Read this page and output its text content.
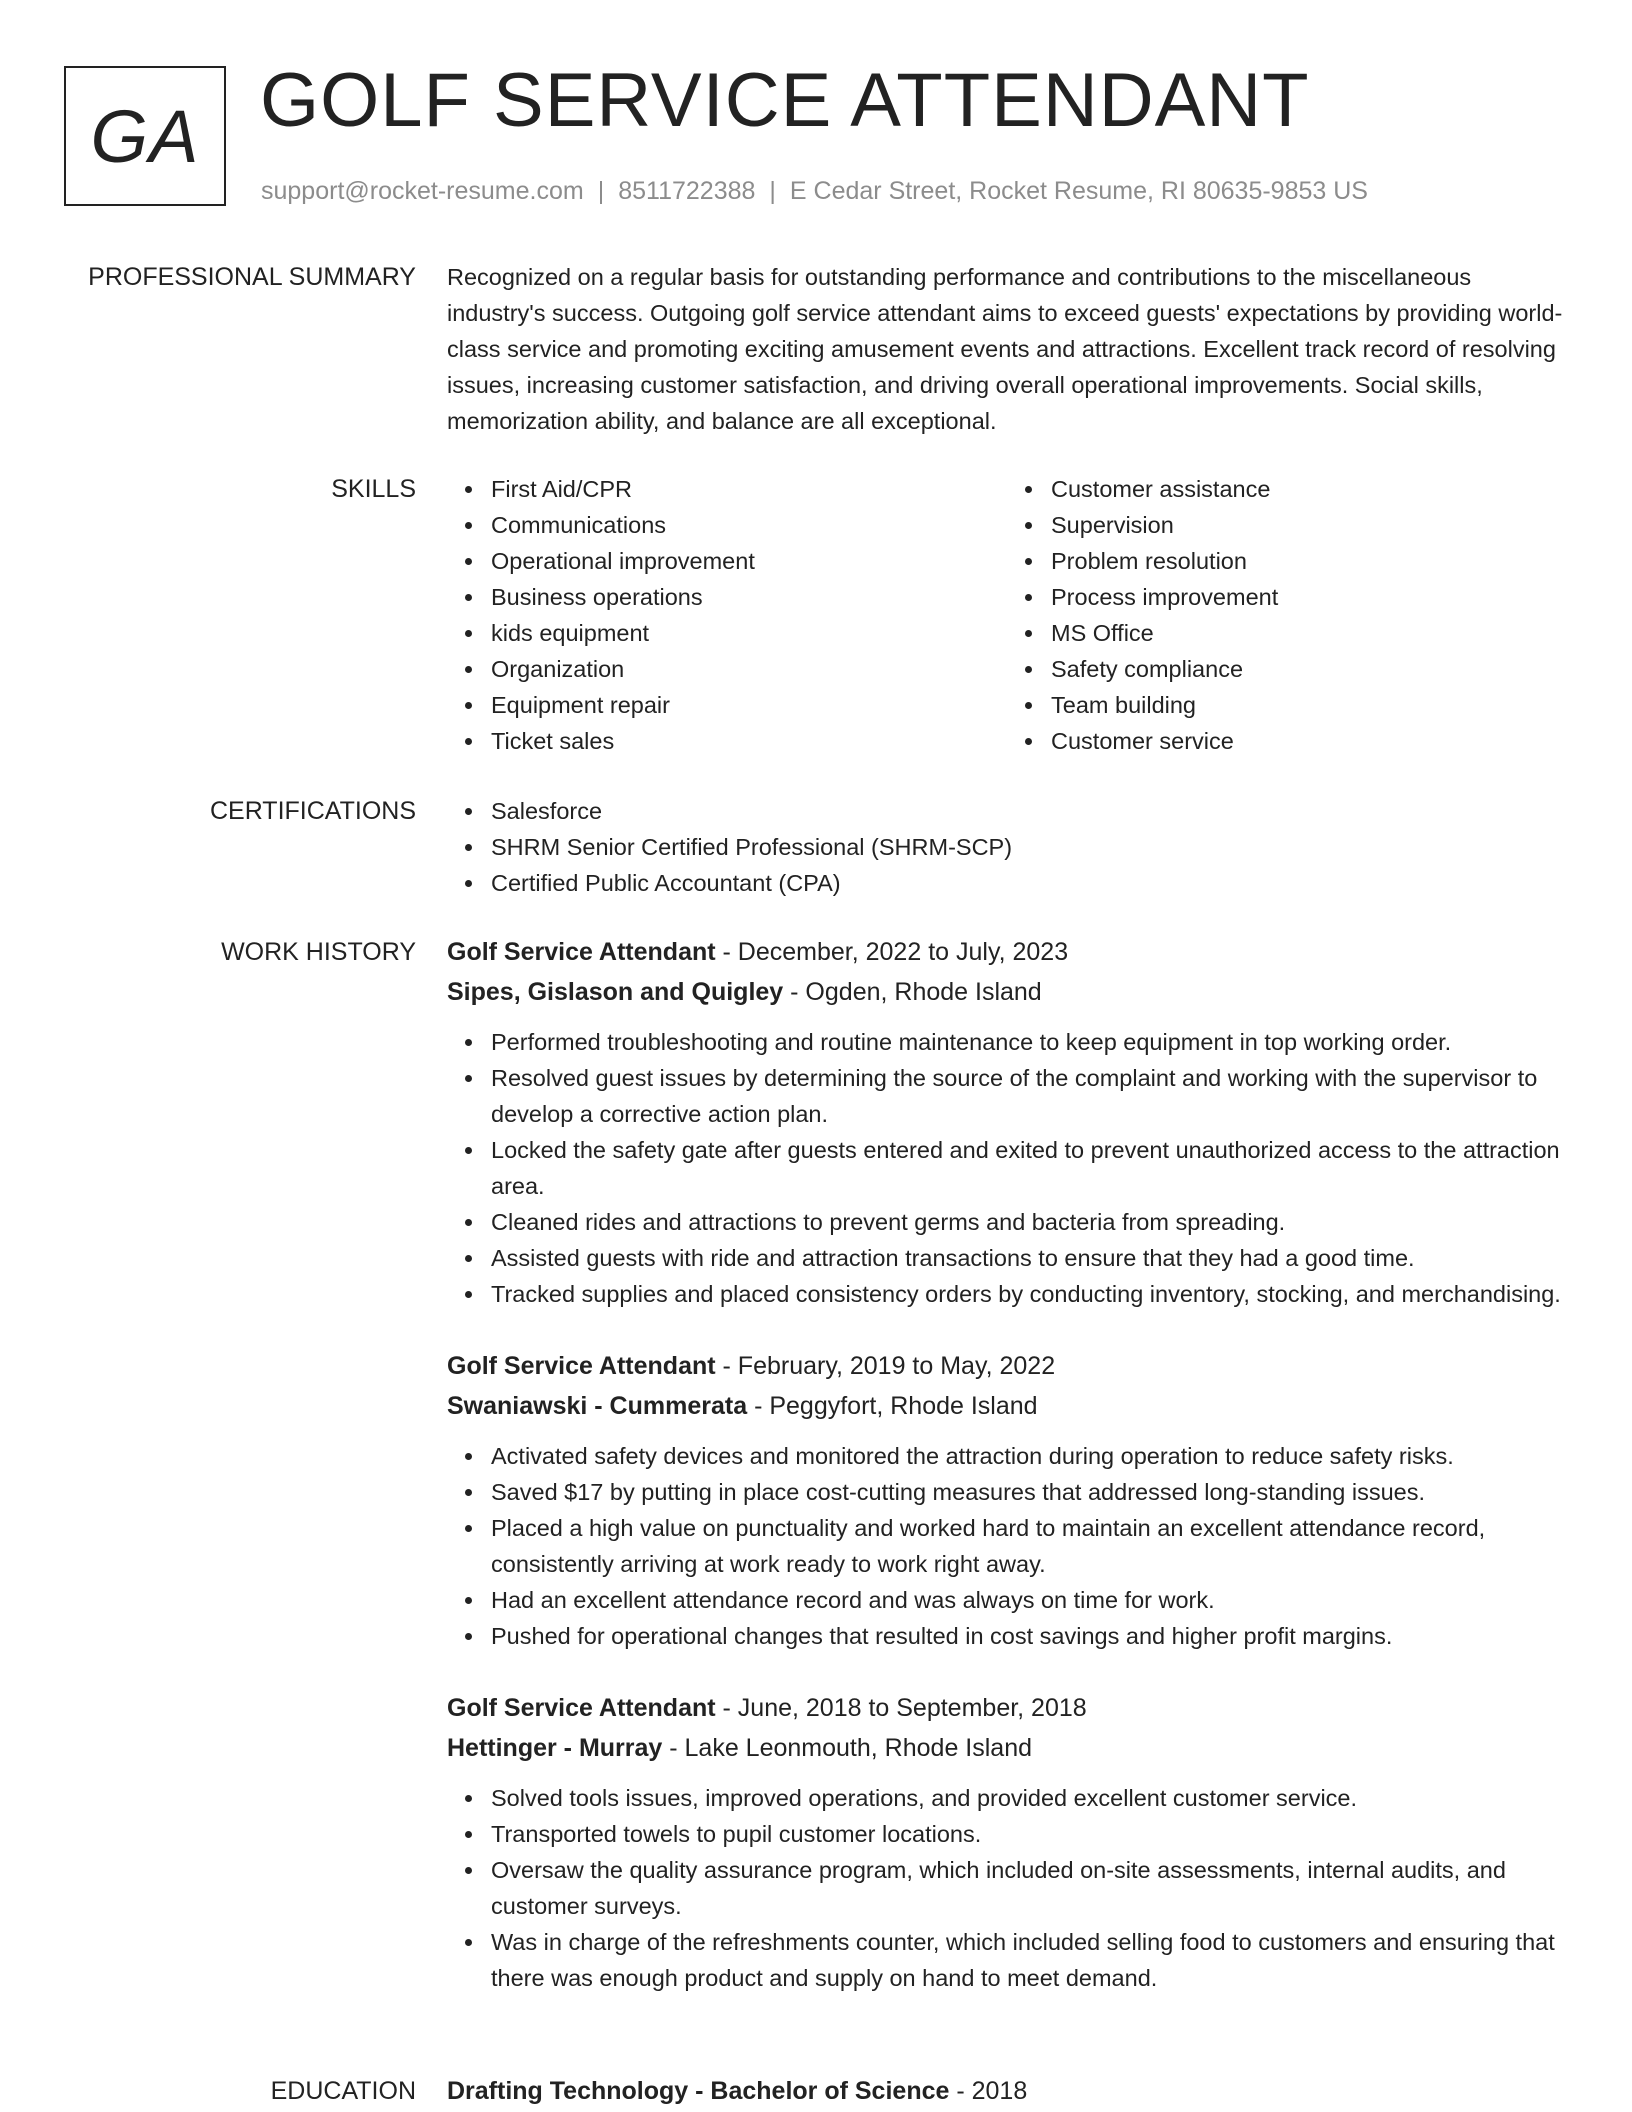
GA GOLF SERVICE ATTENDANT
support@rocket-resume.com | 8511722388 | E Cedar Street, Rocket Resume, RI 80635-9853 US
PROFESSIONAL SUMMARY Recognized on a regular basis for outstanding performance and contributions to the miscellaneous industry's success. Outgoing golf service attendant aims to exceed guests' expectations by providing world-class service and promoting exciting amusement events and attractions. Excellent track record of resolving issues, increasing customer satisfaction, and driving overall operational improvements. Social skills, memorization ability, and balance are all exceptional.
SKILLS	First Aid/CPR
Communications
Operational improvement
Business operations
kids equipment
Organization
Equipment repair
Ticket sales
Customer assistance
Supervision
Problem resolution
Process improvement
MS Office
Safety compliance
Team building
Customer service
CERTIFICATIONS	Salesforce
SHRM Senior Certified Professional (SHRM-SCP)
Certified Public Accountant (CPA)
WORK HISTORY Golf Service Attendant - December, 2022 to July, 2023
Sipes, Gislason and Quigley - Ogden, Rhode Island
Performed troubleshooting and routine maintenance to keep equipment in top working order.
Resolved guest issues by determining the source of the complaint and working with the supervisor to develop a corrective action plan.
Locked the safety gate after guests entered and exited to prevent unauthorized access to the attraction area.
Cleaned rides and attractions to prevent germs and bacteria from spreading.
Assisted guests with ride and attraction transactions to ensure that they had a good time.
Tracked supplies and placed consistency orders by conducting inventory, stocking, and merchandising.
Golf Service Attendant - February, 2019 to May, 2022
Swaniawski - Cummerata - Peggyfort, Rhode Island
Activated safety devices and monitored the attraction during operation to reduce safety risks.
Saved $17 by putting in place cost-cutting measures that addressed long-standing issues.
Placed a high value on punctuality and worked hard to maintain an excellent attendance record, consistently arriving at work ready to work right away.
Had an excellent attendance record and was always on time for work.
Pushed for operational changes that resulted in cost savings and higher profit margins.
Golf Service Attendant - June, 2018 to September, 2018
Hettinger - Murray - Lake Leonmouth, Rhode Island
Solved tools issues, improved operations, and provided excellent customer service.
Transported towels to pupil customer locations.
Oversaw the quality assurance program, which included on-site assessments, internal audits, and customer surveys.
Was in charge of the refreshments counter, which included selling food to customers and ensuring that there was enough product and supply on hand to meet demand.
EDUCATION Drafting Technology - Bachelor of Science - 2018
